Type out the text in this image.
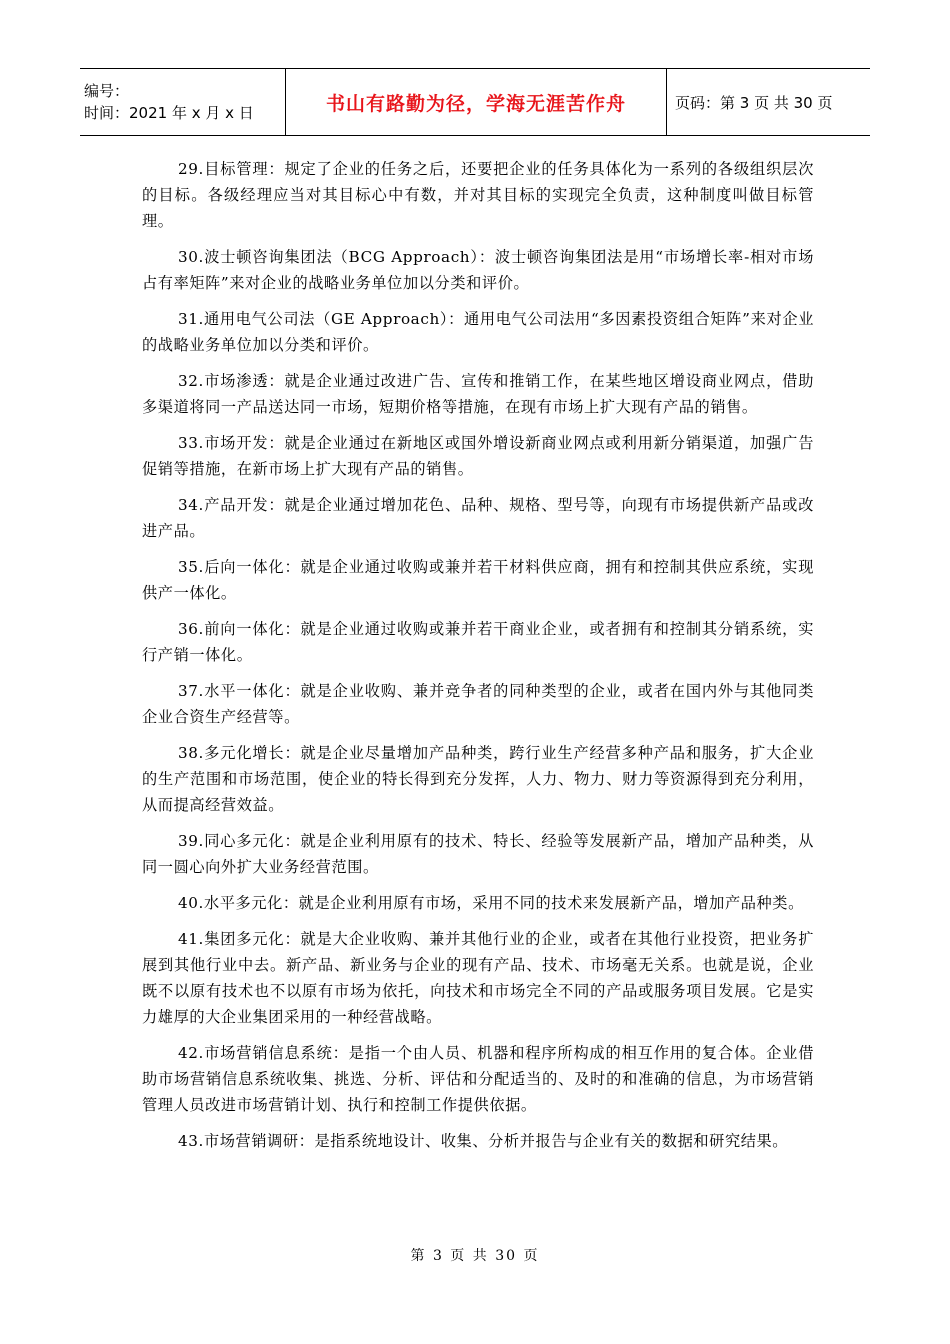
编号：
时间：2021 年 x 月 x 日	书山有路勤为径，学海无涯苦作舟	页码：第 3 页 共 30 页

29.目标管理：规定了企业的任务之后，还要把企业的任务具体化为一系列的各级组织层次的目标。各级经理应当对其目标心中有数，并对其目标的实现完全负责，这种制度叫做目标管理。

30.波士顿咨询集团法（BCG Approach）：波士顿咨询集团法是用“市场增长率-相对市场占有率矩阵”来对企业的战略业务单位加以分类和评价。

31.通用电气公司法（GE Approach）：通用电气公司法用“多因素投资组合矩阵”来对企业的战略业务单位加以分类和评价。

32.市场渗透：就是企业通过改进广告、宣传和推销工作，在某些地区增设商业网点，借助多渠道将同一产品送达同一市场，短期价格等措施，在现有市场上扩大现有产品的销售。

33.市场开发：就是企业通过在新地区或国外增设新商业网点或利用新分销渠道，加强广告促销等措施，在新市场上扩大现有产品的销售。

34.产品开发：就是企业通过增加花色、品种、规格、型号等，向现有市场提供新产品或改进产品。

35.后向一体化：就是企业通过收购或兼并若干材料供应商，拥有和控制其供应系统，实现供产一体化。

36.前向一体化：就是企业通过收购或兼并若干商业企业，或者拥有和控制其分销系统，实行产销一体化。

37.水平一体化：就是企业收购、兼并竞争者的同种类型的企业，或者在国内外与其他同类企业合资生产经营等。

38.多元化增长：就是企业尽量增加产品种类，跨行业生产经营多种产品和服务，扩大企业的生产范围和市场范围，使企业的特长得到充分发挥，人力、物力、财力等资源得到充分利用，从而提高经营效益。

39.同心多元化：就是企业利用原有的技术、特长、经验等发展新产品，增加产品种类，从同一圆心向外扩大业务经营范围。

40.水平多元化：就是企业利用原有市场，采用不同的技术来发展新产品，增加产品种类。

41.集团多元化：就是大企业收购、兼并其他行业的企业，或者在其他行业投资，把业务扩展到其他行业中去。新产品、新业务与企业的现有产品、技术、市场毫无关系。也就是说，企业既不以原有技术也不以原有市场为依托，向技术和市场完全不同的产品或服务项目发展。它是实力雄厚的大企业集团采用的一种经营战略。

42.市场营销信息系统：是指一个由人员、机器和程序所构成的相互作用的复合体。企业借助市场营销信息系统收集、挑选、分析、评估和分配适当的、及时的和准确的信息，为市场营销管理人员改进市场营销计划、执行和控制工作提供依据。

43.市场营销调研：是指系统地设计、收集、分析并报告与企业有关的数据和研究结果。

第 3 页 共 30 页
